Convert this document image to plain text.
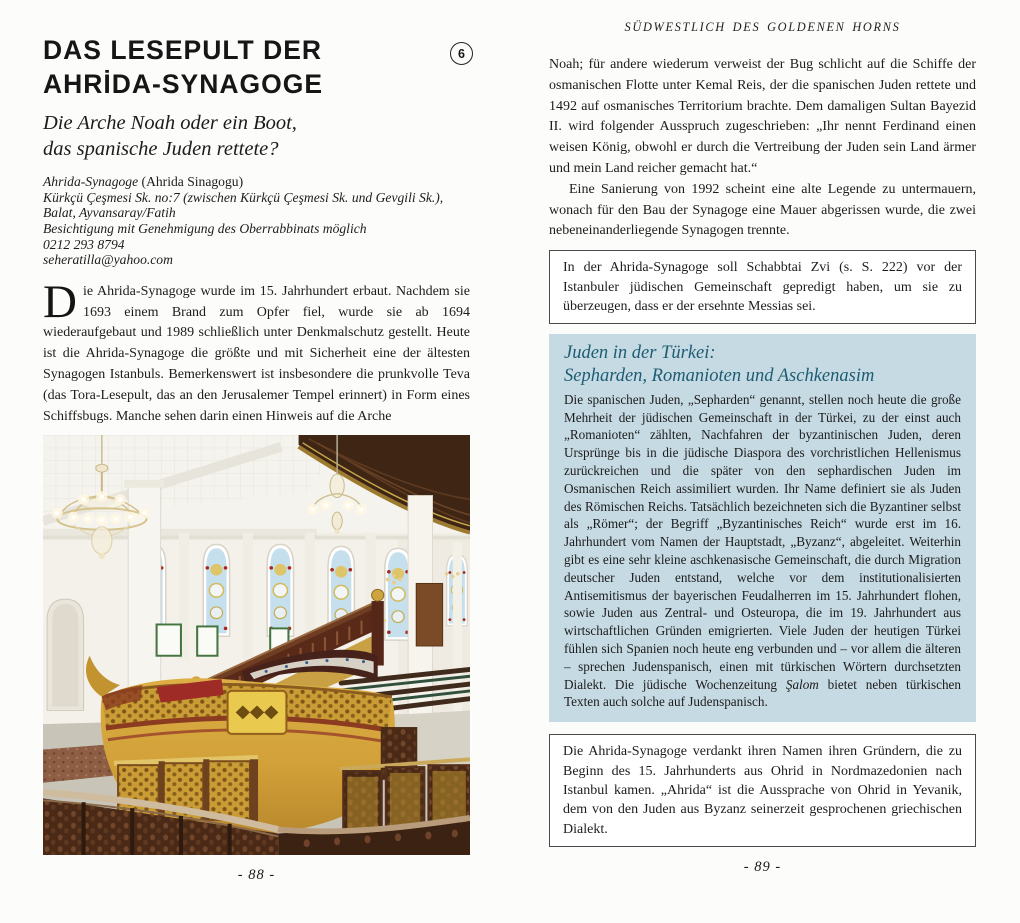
6
DAS LESEPULT DER
AHRİDA-SYNAGOGE
Die Arche Noah oder ein Boot,
das spanische Juden rettete?
Ahrida-Synagoge (Ahrida Sinagogu)
Kürkçü Çeşmesi Sk. no:7 (zwischen Kürkçü Çeşmesi Sk. und Gevgili Sk.),
Balat, Ayvansaray/Fatih
Besichtigung mit Genehmigung des Oberrabbinats möglich
0212 293 8794
seheratilla@yahoo.com

Die Ahrida-Synagoge wurde im 15. Jahrhundert erbaut. Nachdem sie 1693 einem Brand zum Opfer fiel, wurde sie ab 1694 wiederaufgebaut und 1989 schließlich unter Denkmalschutz gestellt. Heute ist die Ahrida-Synagoge die größte und mit Sicherheit eine der ältesten Synagogen Istanbuls. Bemerkenswert ist insbesondere die prunkvolle Teva (das Tora-Lesepult, das an den Jerusalemer Tempel erinnert) in Form eines Schiffsbugs. Manche sehen darin einen Hinweis auf die Arche

- 88 -
SÜDWESTLICH DES GOLDENEN HORNS

Noah; für andere wiederum verweist der Bug schlicht auf die Schiffe der osmanischen Flotte unter Kemal Reis, der die spanischen Juden rettete und 1492 auf osmanisches Territorium brachte. Dem damaligen Sultan Bayezid II. wird folgender Ausspruch zugeschrieben: „Ihr nennt Ferdinand einen weisen König, obwohl er durch die Vertreibung der Juden sein Land ärmer und mein Land reicher gemacht hat.“

Eine Sanierung von 1992 scheint eine alte Legende zu untermauern, wonach für den Bau der Synagoge eine Mauer abgerissen wurde, die zwei nebeneinanderliegende Synagogen trennte.

In der Ahrida-Synagoge soll Schabbtai Zvi (s. S. 222) vor der Istanbuler jüdischen Gemeinschaft gepredigt haben, um sie zu überzeugen, dass er der ersehnte Messias sei.
Juden in der Türkei:
Sepharden, Romanioten und Aschkenasim
Die spanischen Juden, „Sepharden“ genannt, stellen noch heute die große Mehrheit der jüdischen Gemeinschaft in der Türkei, zu der einst auch „Romanioten“ zählten, Nachfahren der byzantinischen Juden, deren Ursprünge bis in die jüdische Diaspora des vorchristlichen Hellenismus zurückreichen und die später von den sephardischen Juden im Osmanischen Reich assimiliert wurden. Ihr Name definiert sie als Juden des Römischen Reichs. Tatsächlich bezeichneten sich die Byzantiner selbst als „Römer“; der Begriff „Byzantinisches Reich“ wurde erst im 16. Jahrhundert vom Namen der Hauptstadt, „Byzanz“, abgeleitet. Weiterhin gibt es eine sehr kleine aschkenasische Gemeinschaft, die durch Migration deutscher Juden entstand, welche vor dem institutionalisierten Antisemitismus der bayerischen Feudalherren im 15. Jahrhundert flohen, sowie Juden aus Zentral- und Osteuropa, die im 19. Jahrhundert aus wirtschaftlichen Gründen emigrierten. Viele Juden der heutigen Türkei fühlen sich Spanien noch heute eng verbunden und – vor allem die älteren – sprechen Judenspanisch, einen mit türkischen Wörtern durchsetzten Dialekt. Die jüdische Wochenzeitung Şalom bietet neben türkischen Texten auch solche auf Judenspanisch.
Die Ahrida-Synagoge verdankt ihren Namen ihren Gründern, die zu Beginn des 15. Jahrhunderts aus Ohrid in Nordmazedonien nach Istanbul kamen. „Ahrida“ ist die Aussprache von Ohrid in Yevanik, dem von den Juden aus Byzanz seinerzeit gesprochenen griechischen Dialekt.
- 89 -
